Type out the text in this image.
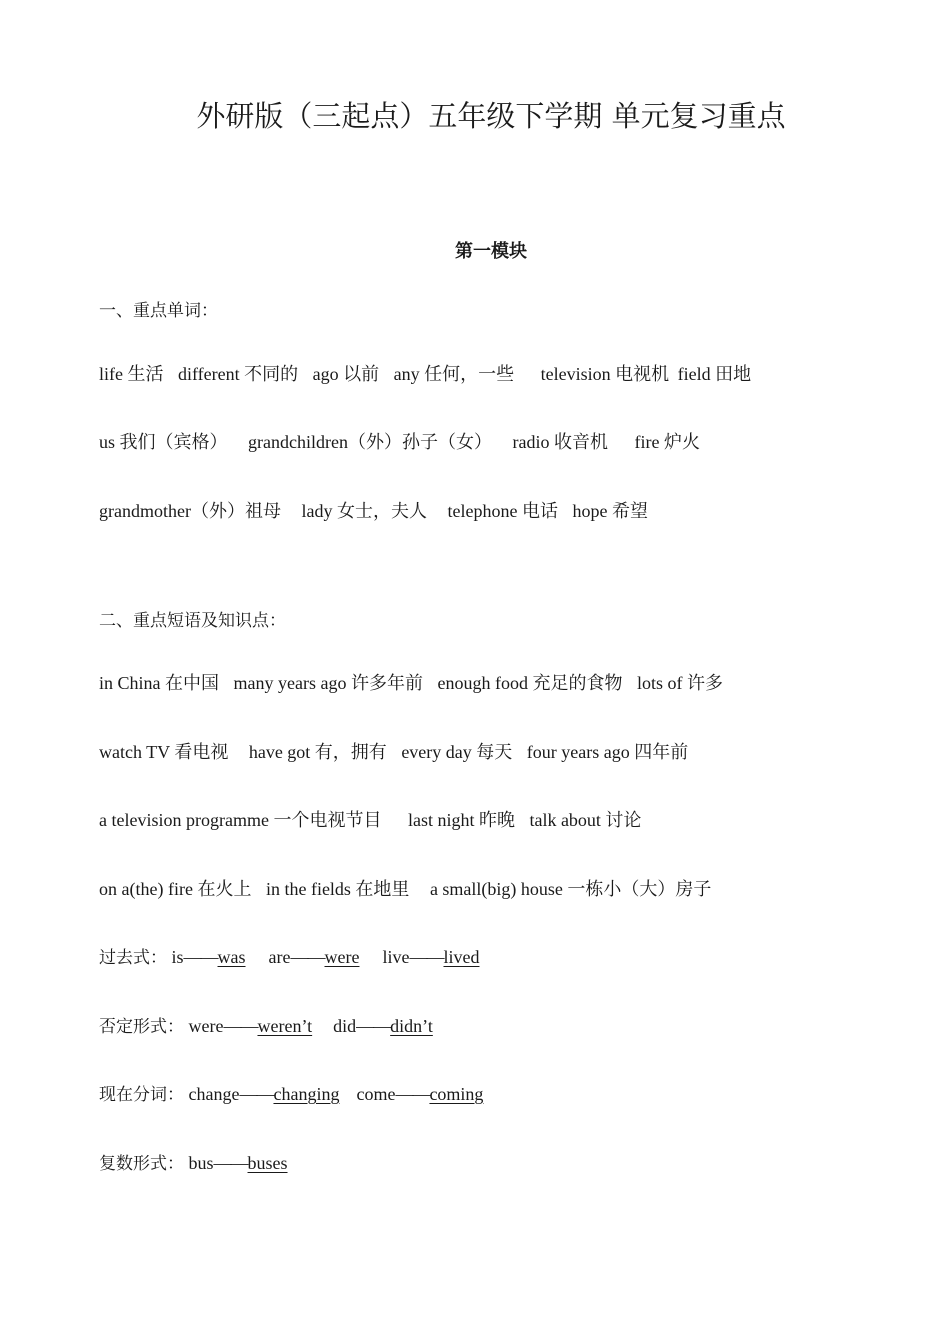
外研版（三起点）五年级下学期 单元复习重点
第一模块
一、重点单词：
life 生活 different 不同的 ago 以前 any 任何，一些 television 电视机 field 田地
us 我们（宾格） grandchildren（外）孙子（女） radio 收音机 fire 炉火
grandmother（外）祖母 lady 女士，夫人 telephone 电话 hope 希望
二、重点短语及知识点：
in China 在中国 many years ago 许多年前 enough food 充足的食物 lots of 许多
watch TV 看电视 have got 有，拥有 every day 每天 four years ago 四年前
a television programme 一个电视节目 last night 昨晚 talk about 讨论
on a(the) fire 在火上 in the fields 在地里 a small(big) house 一栋小（大）房子
过去式： is——was are——were live——lived
否定形式： were——weren’t did——didn’t
现在分词： change——changing come——coming
复数形式： bus——buses
